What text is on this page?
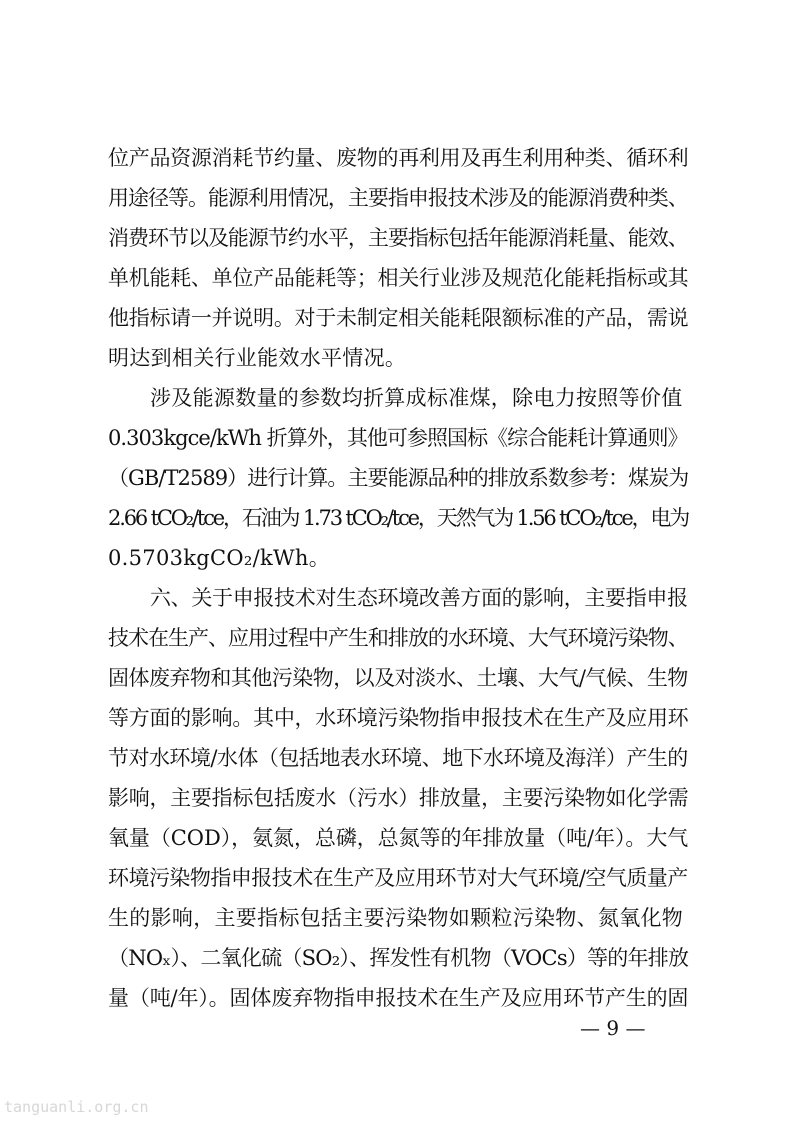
位产品资源消耗节约量、废物的再利用及再生利用种类、循环利
用途径等。能源利用情况，主要指申报技术涉及的能源消费种类、
消费环节以及能源节约水平，主要指标包括年能源消耗量、能效、
单机能耗、单位产品能耗等；相关行业涉及规范化能耗指标或其
他指标请一并说明。对于未制定相关能耗限额标准的产品，需说
明达到相关行业能效水平情况。
涉及能源数量的参数均折算成标准煤，除电力按照等价值
0.303kgce/kWh 折算外，其他可参照国标《综合能耗计算通则》
（GB/T2589）进行计算。主要能源品种的排放系数参考：煤炭为
2.66 tCO₂/tce，石油为 1.73 tCO₂/tce，天然气为 1.56 tCO₂/tce，电为
0.5703kgCO₂/kWh。
六、关于申报技术对生态环境改善方面的影响，主要指申报
技术在生产、应用过程中产生和排放的水环境、大气环境污染物、
固体废弃物和其他污染物，以及对淡水、土壤、大气/气候、生物
等方面的影响。其中，水环境污染物指申报技术在生产及应用环
节对水环境/水体（包括地表水环境、地下水环境及海洋）产生的
影响，主要指标包括废水（污水）排放量，主要污染物如化学需
氧量（COD），氨氮，总磷，总氮等的年排放量（吨/年）。大气
环境污染物指申报技术在生产及应用环节对大气环境/空气质量产
生的影响，主要指标包括主要污染物如颗粒污染物、氮氧化物
（NOₓ）、二氧化硫（SO₂）、挥发性有机物（VOCs）等的年排放
量（吨/年）。固体废弃物指申报技术在生产及应用环节产生的固
— 9 —
tanguanli.org.cn
